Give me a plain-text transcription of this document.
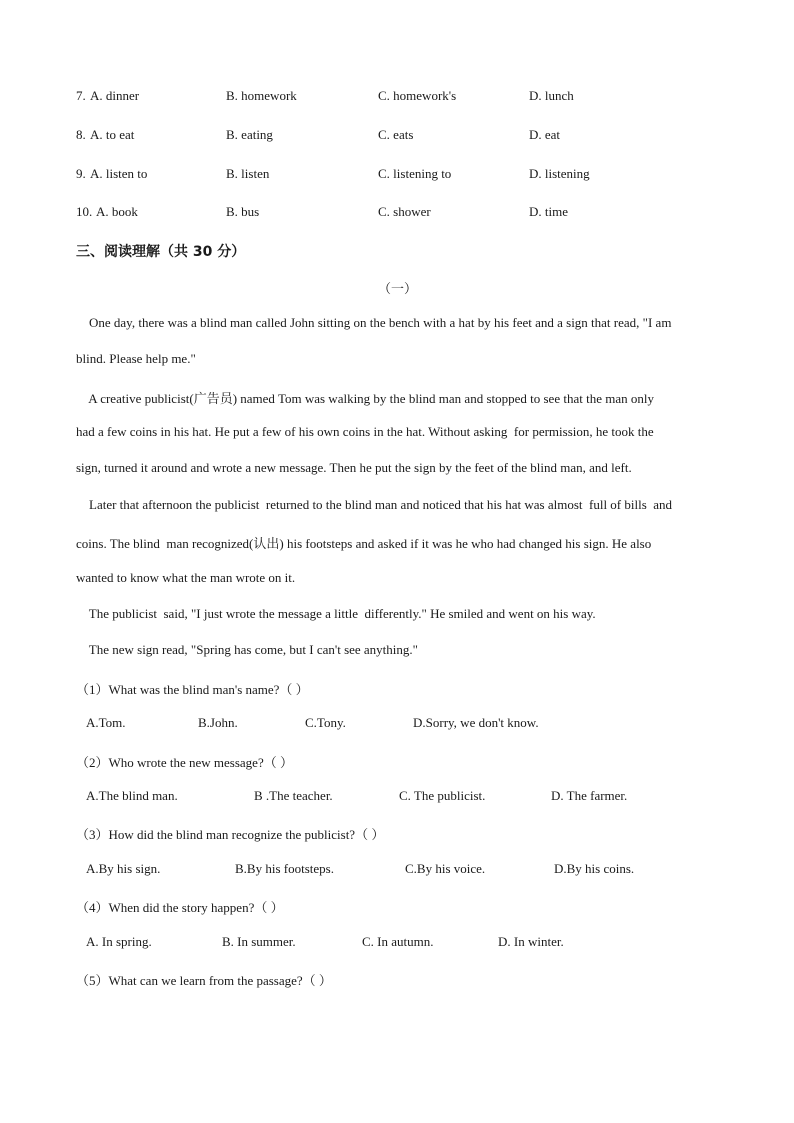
7. A. dinner	B. homework	C. homework's	D. lunch
8. A. to eat	B. eating	C. eats	D. eat
9. A. listen to	B. listen	C. listening to	D. listening
10. A. book	B. bus	C. shower	D. time
三、阅读理解（共 30 分）
（一）
One day, there was a blind man called John sitting on the bench with a hat by his feet and a sign that read, "I am
blind. Please help me."
A creative publicist(广告员) named Tom was walking by the blind man and stopped to see that the man only
had a few coins in his hat. He put a few of his own coins in the hat. Without asking  for permission, he took the
sign, turned it around and wrote a new message. Then he put the sign by the feet of the blind man, and left.
Later that afternoon the publicist  returned to the blind man and noticed that his hat was almost  full of bills  and
coins. The blind  man recognized(认出) his footsteps and asked if it was he who had changed his sign. He also
wanted to know what the man wrote on it.
The publicist  said, "I just wrote the message a little  differently." He smiled and went on his way.
The new sign read, "Spring has come, but I can't see anything."
（1）What was the blind man's name?（ ）
A.Tom.	B.John.	C.Tony.	D.Sorry, we don't know.
（2）Who wrote the new message?（ ）
A.The blind man.	B .The teacher.	C. The publicist.	D. The farmer.
（3）How did the blind man recognize the publicist?（ ）
A.By his sign.	B.By his footsteps.	C.By his voice.	D.By his coins.
（4）When did the story happen?（ ）
A. In spring.	B. In summer.	C. In autumn.	D. In winter.
（5）What can we learn from the passage?（ ）
